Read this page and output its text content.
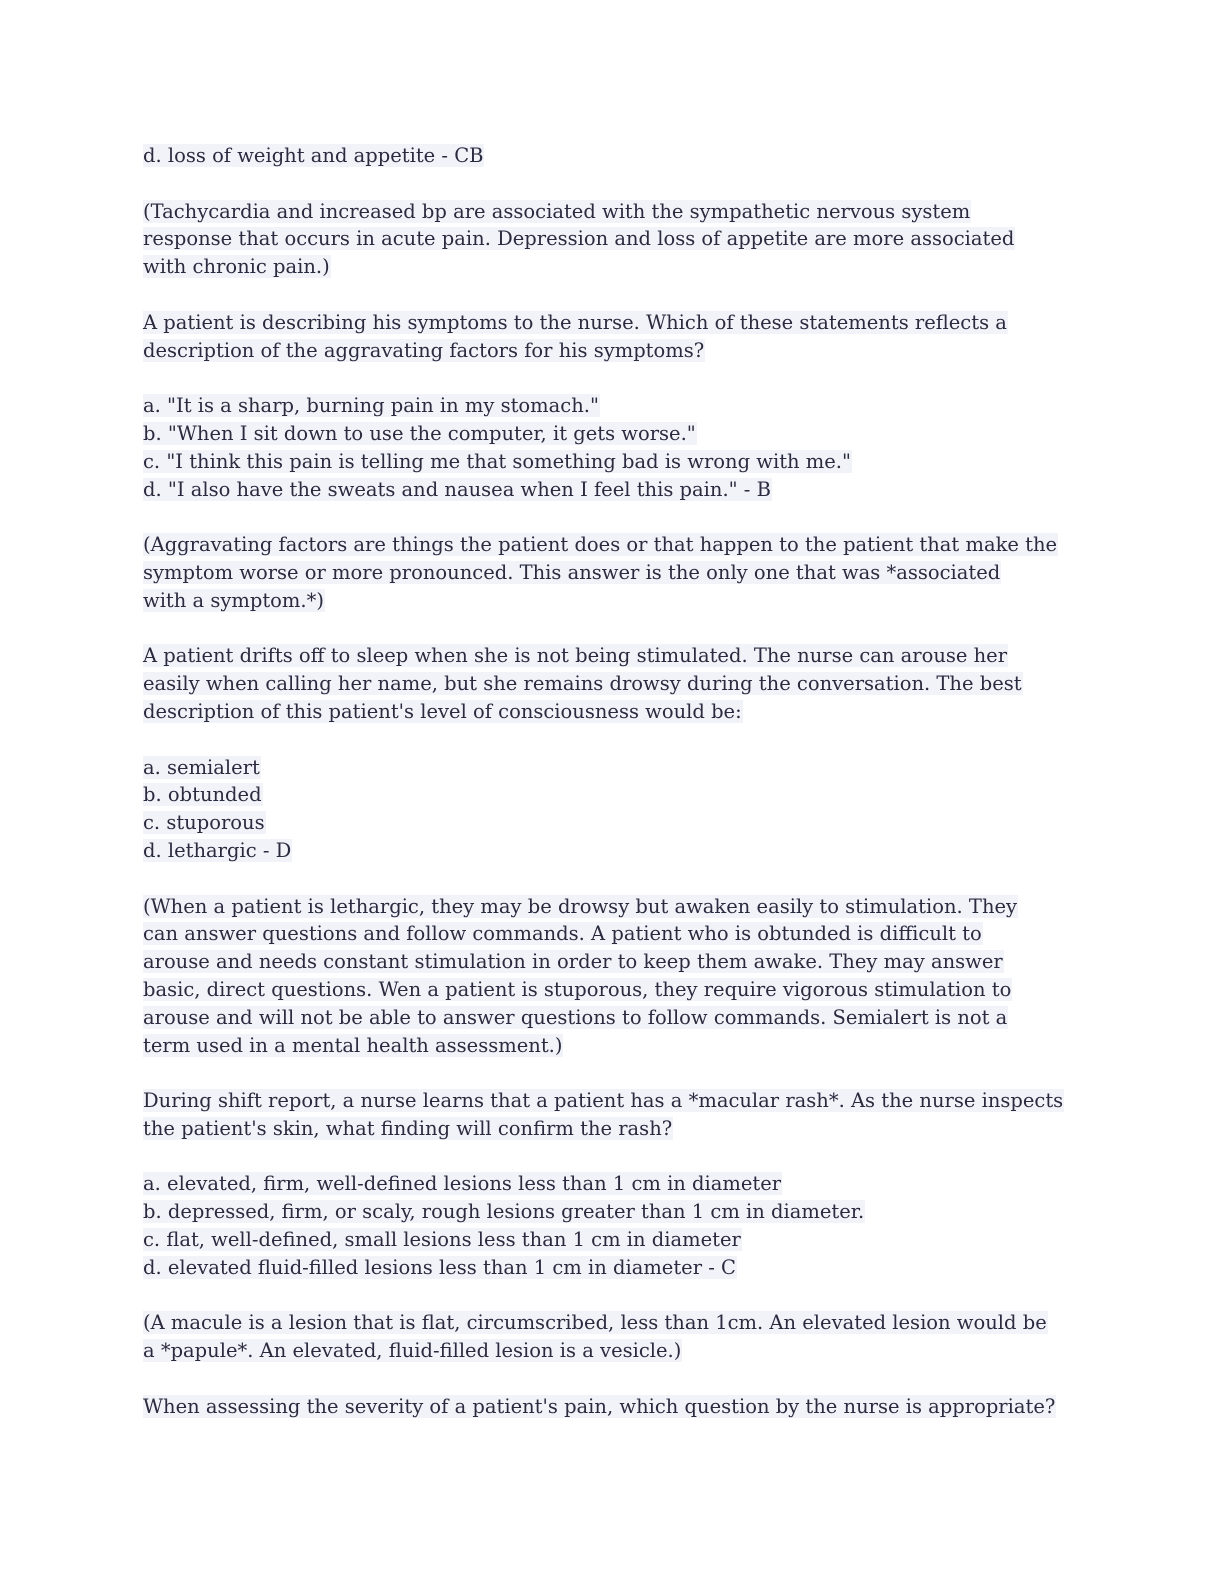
d. loss of weight and appetite - CB
(Tachycardia and increased bp are associated with the sympathetic nervous system
response that occurs in acute pain. Depression and loss of appetite are more associated
with chronic pain.)
A patient is describing his symptoms to the nurse. Which of these statements reflects a
description of the aggravating factors for his symptoms?
a. "It is a sharp, burning pain in my stomach."
b. "When I sit down to use the computer, it gets worse."
c. "I think this pain is telling me that something bad is wrong with me."
d. "I also have the sweats and nausea when I feel this pain." - B
(Aggravating factors are things the patient does or that happen to the patient that make the
symptom worse or more pronounced. This answer is the only one that was *associated
with a symptom.*)
A patient drifts off to sleep when she is not being stimulated. The nurse can arouse her
easily when calling her name, but she remains drowsy during the conversation. The best
description of this patient's level of consciousness would be:
a. semialert
b. obtunded
c. stuporous
d. lethargic - D
(When a patient is lethargic, they may be drowsy but awaken easily to stimulation. They
can answer questions and follow commands. A patient who is obtunded is difficult to
arouse and needs constant stimulation in order to keep them awake. They may answer
basic, direct questions. Wen a patient is stuporous, they require vigorous stimulation to
arouse and will not be able to answer questions to follow commands. Semialert is not a
term used in a mental health assessment.)
During shift report, a nurse learns that a patient has a *macular rash*. As the nurse inspects
the patient's skin, what finding will confirm the rash?
a. elevated, firm, well-defined lesions less than 1 cm in diameter
b. depressed, firm, or scaly, rough lesions greater than 1 cm in diameter.
c. flat, well-defined, small lesions less than 1 cm in diameter
d. elevated fluid-filled lesions less than 1 cm in diameter - C
(A macule is a lesion that is flat, circumscribed, less than 1cm. An elevated lesion would be
a *papule*. An elevated, fluid-filled lesion is a vesicle.)
When assessing the severity of a patient's pain, which question by the nurse is appropriate?
